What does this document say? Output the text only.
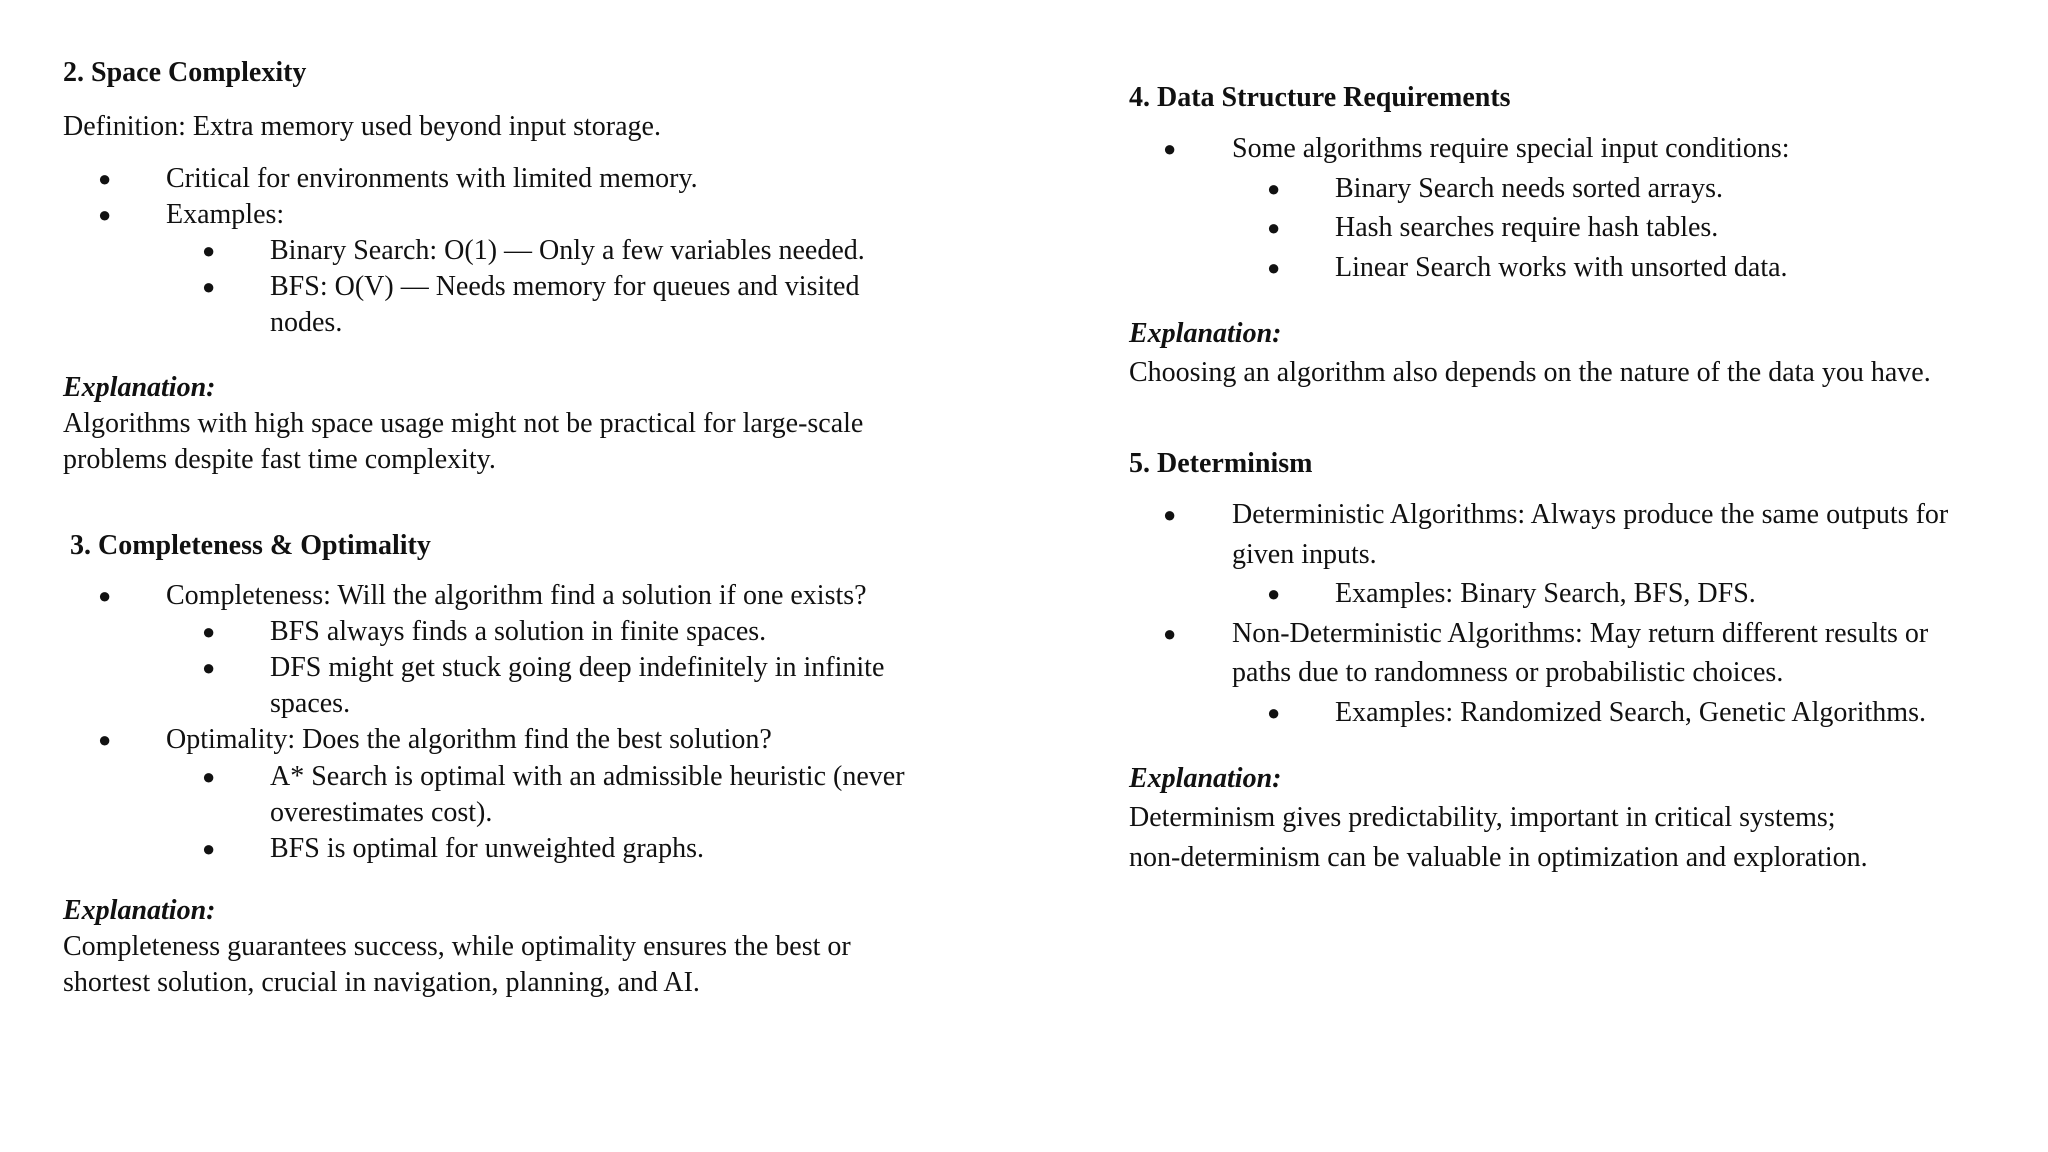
2. Space Complexity
Definition: Extra memory used beyond input storage.
● Critical for environments with limited memory.
● Examples:
● Binary Search: O(1) — Only a few variables needed.
● BFS: O(V) — Needs memory for queues and visited
nodes.
Explanation:
Algorithms with high space usage might not be practical for large-scale
problems despite fast time complexity.
3. Completeness & Optimality
● Completeness: Will the algorithm find a solution if one exists?
● BFS always finds a solution in finite spaces.
● DFS might get stuck going deep indefinitely in infinite
spaces.
● Optimality: Does the algorithm find the best solution?
● A* Search is optimal with an admissible heuristic (never
overestimates cost).
● BFS is optimal for unweighted graphs.
Explanation:
Completeness guarantees success, while optimality ensures the best or
shortest solution, crucial in navigation, planning, and AI.
4. Data Structure Requirements
● Some algorithms require special input conditions:
● Binary Search needs sorted arrays.
● Hash searches require hash tables.
● Linear Search works with unsorted data.
Explanation:
Choosing an algorithm also depends on the nature of the data you have.
5. Determinism
● Deterministic Algorithms: Always produce the same outputs for
given inputs.
● Examples: Binary Search, BFS, DFS.
● Non-Deterministic Algorithms: May return different results or
paths due to randomness or probabilistic choices.
● Examples: Randomized Search, Genetic Algorithms.
Explanation:
Determinism gives predictability, important in critical systems;
non-determinism can be valuable in optimization and exploration.
